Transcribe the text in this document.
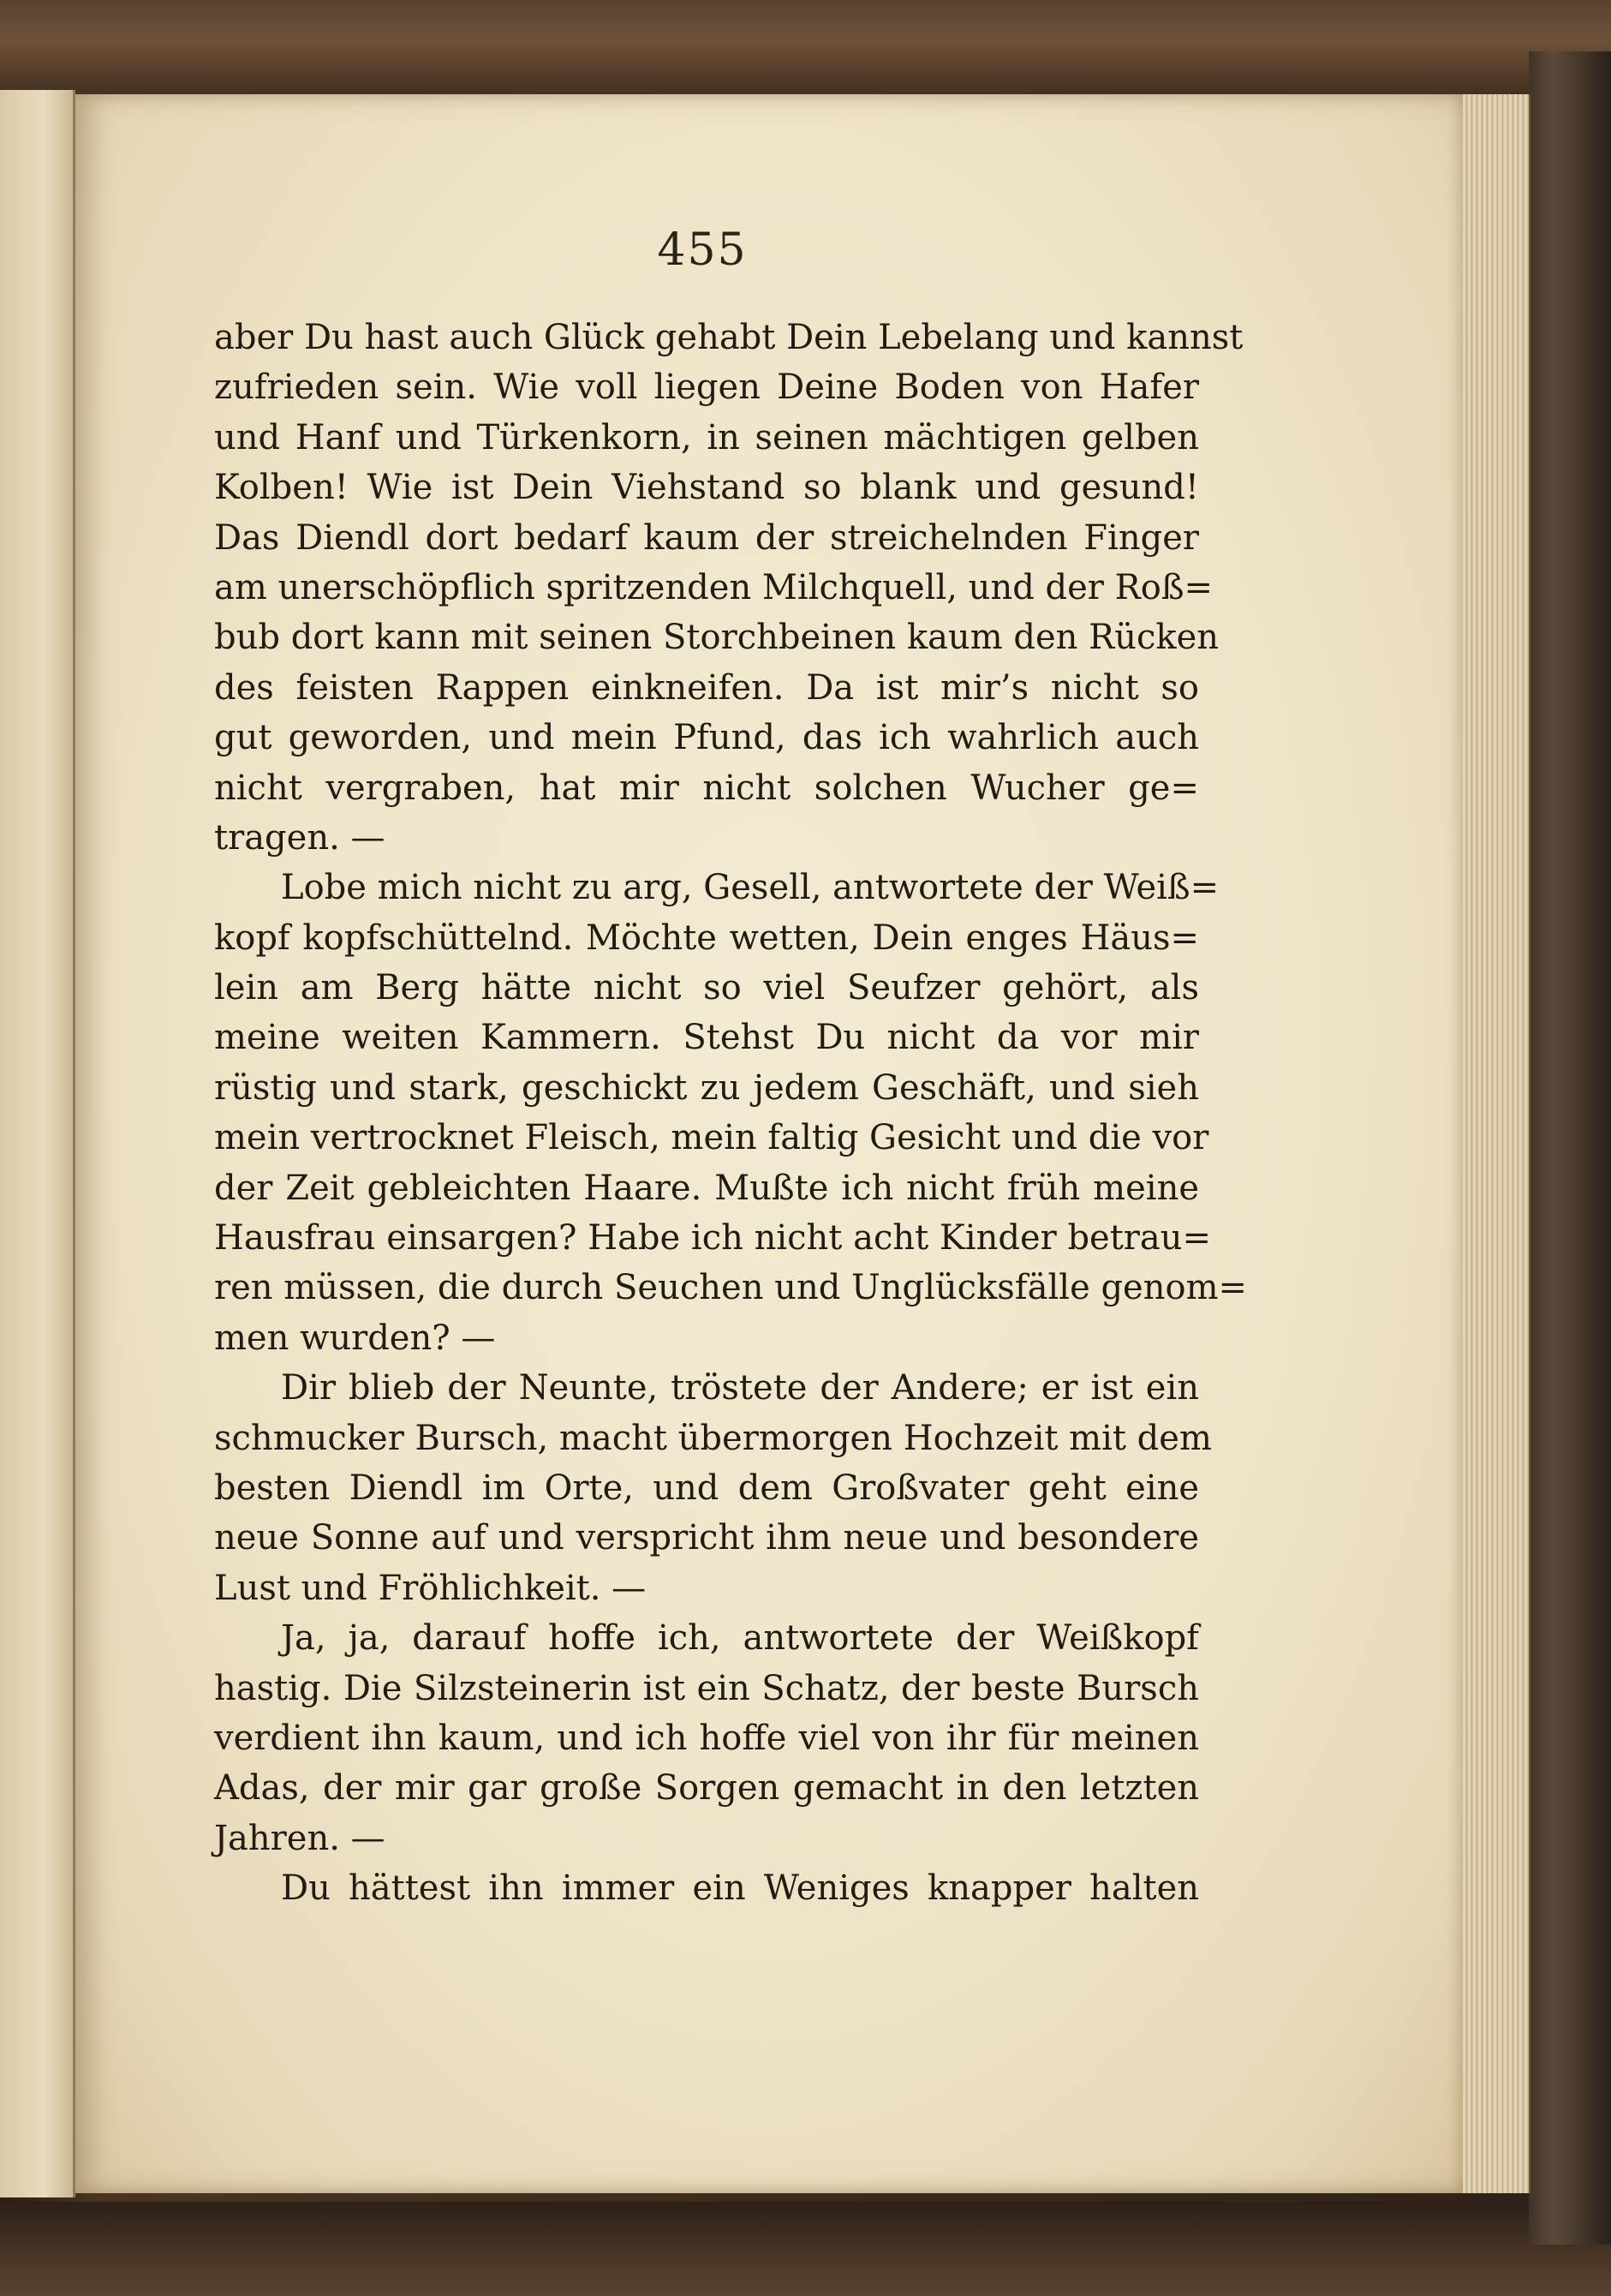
455
aber Du hast auch Glück gehabt Dein Lebelang und kannst
zufrieden sein. Wie voll liegen Deine Boden von Hafer
und Hanf und Türkenkorn, in seinen mächtigen gelben
Kolben! Wie ist Dein Viehstand so blank und gesund!
Das Diendl dort bedarf kaum der streichelnden Finger
am unerschöpflich spritzenden Milchquell, und der Roß=
bub dort kann mit seinen Storchbeinen kaum den Rücken
des feisten Rappen einkneifen. Da ist mir’s nicht so
gut geworden, und mein Pfund, das ich wahrlich auch
nicht vergraben, hat mir nicht solchen Wucher ge=
tragen. —
Lobe mich nicht zu arg, Gesell, antwortete der Weiß=
kopf kopfschüttelnd. Möchte wetten, Dein enges Häus=
lein am Berg hätte nicht so viel Seufzer gehört, als
meine weiten Kammern. Stehst Du nicht da vor mir
rüstig und stark, geschickt zu jedem Geschäft, und sieh
mein vertrocknet Fleisch, mein faltig Gesicht und die vor
der Zeit gebleichten Haare. Mußte ich nicht früh meine
Hausfrau einsargen? Habe ich nicht acht Kinder betrau=
ren müssen, die durch Seuchen und Unglücksfälle genom=
men wurden? —
Dir blieb der Neunte, tröstete der Andere; er ist ein
schmucker Bursch, macht übermorgen Hochzeit mit dem
besten Diendl im Orte, und dem Großvater geht eine
neue Sonne auf und verspricht ihm neue und besondere
Lust und Fröhlichkeit. —
Ja, ja, darauf hoffe ich, antwortete der Weißkopf
hastig. Die Silzsteinerin ist ein Schatz, der beste Bursch
verdient ihn kaum, und ich hoffe viel von ihr für meinen
Adas, der mir gar große Sorgen gemacht in den letzten
Jahren. —
Du hättest ihn immer ein Weniges knapper halten
